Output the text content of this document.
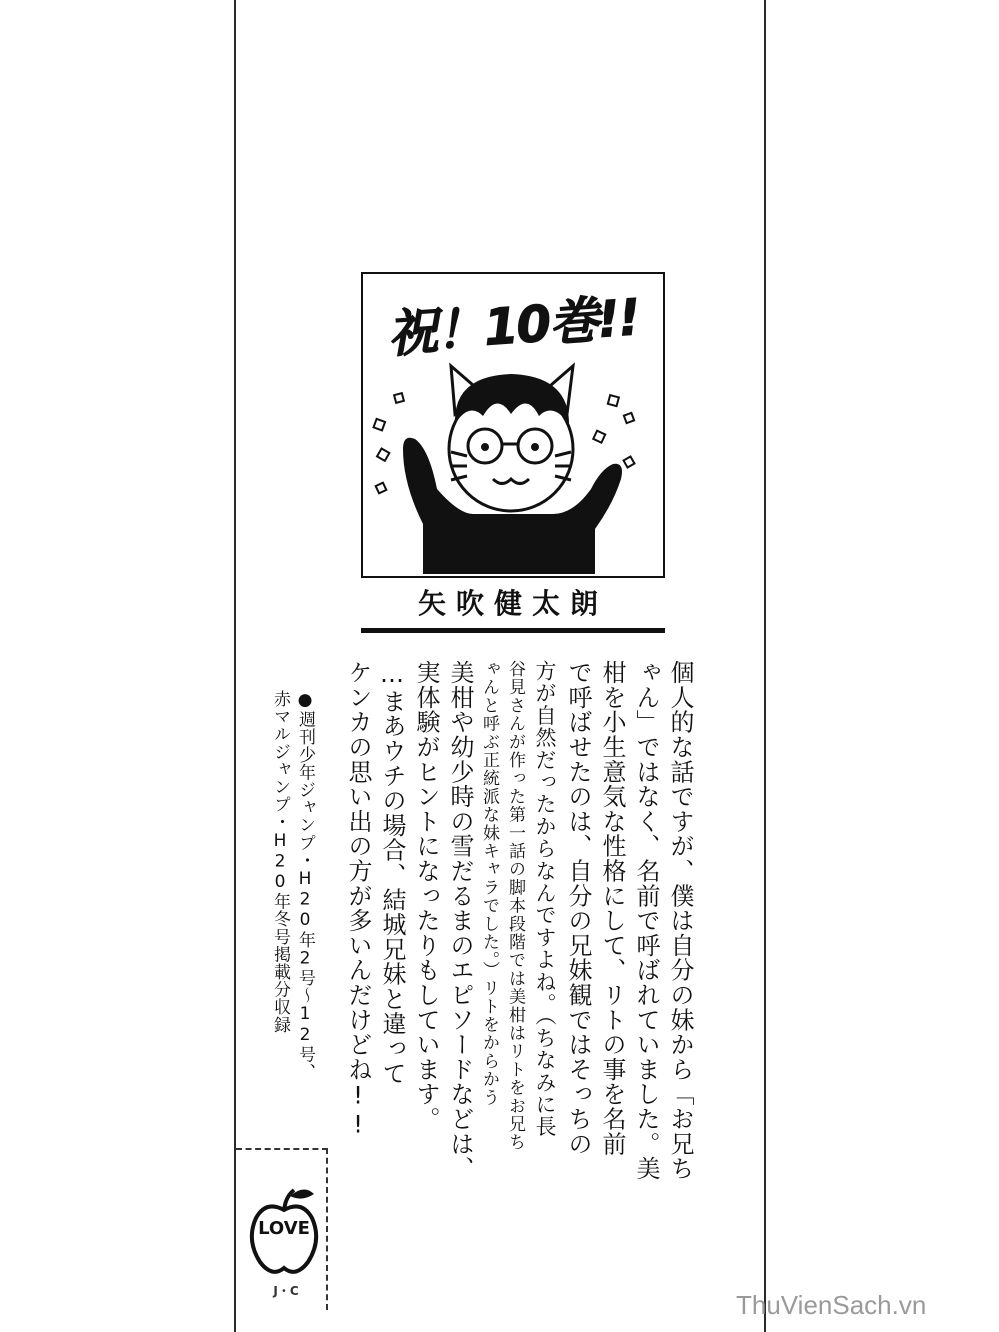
祝！10巻!!
矢吹健太朗
個人的な話ですが、僕は自分の妹から「お兄ち
ゃん」ではなく、名前で呼ばれていました。美
柑を小生意気な性格にして、リトの事を名前
で呼ばせたのは、自分の兄妹観ではそっちの
方が自然だったからなんですよね。（ちなみに長
谷見さんが作った第一話の脚本段階では美柑はリトをお兄ち
ゃんと呼ぶ正統派な妹キャラでした。）リトをからかう
美柑や幼少時の雪だるまのエピソードなどは、
実体験がヒントになったりもしています。
…まあウチの場合、結城兄妹と違って
ケンカの思い出の方が多いんだけどね!!
●週刊少年ジャンプ・H20年2号〜12号、
赤マルジャンプ・H20年冬号掲載分収録
LOVE
J・C	ThuVienSach.vn
